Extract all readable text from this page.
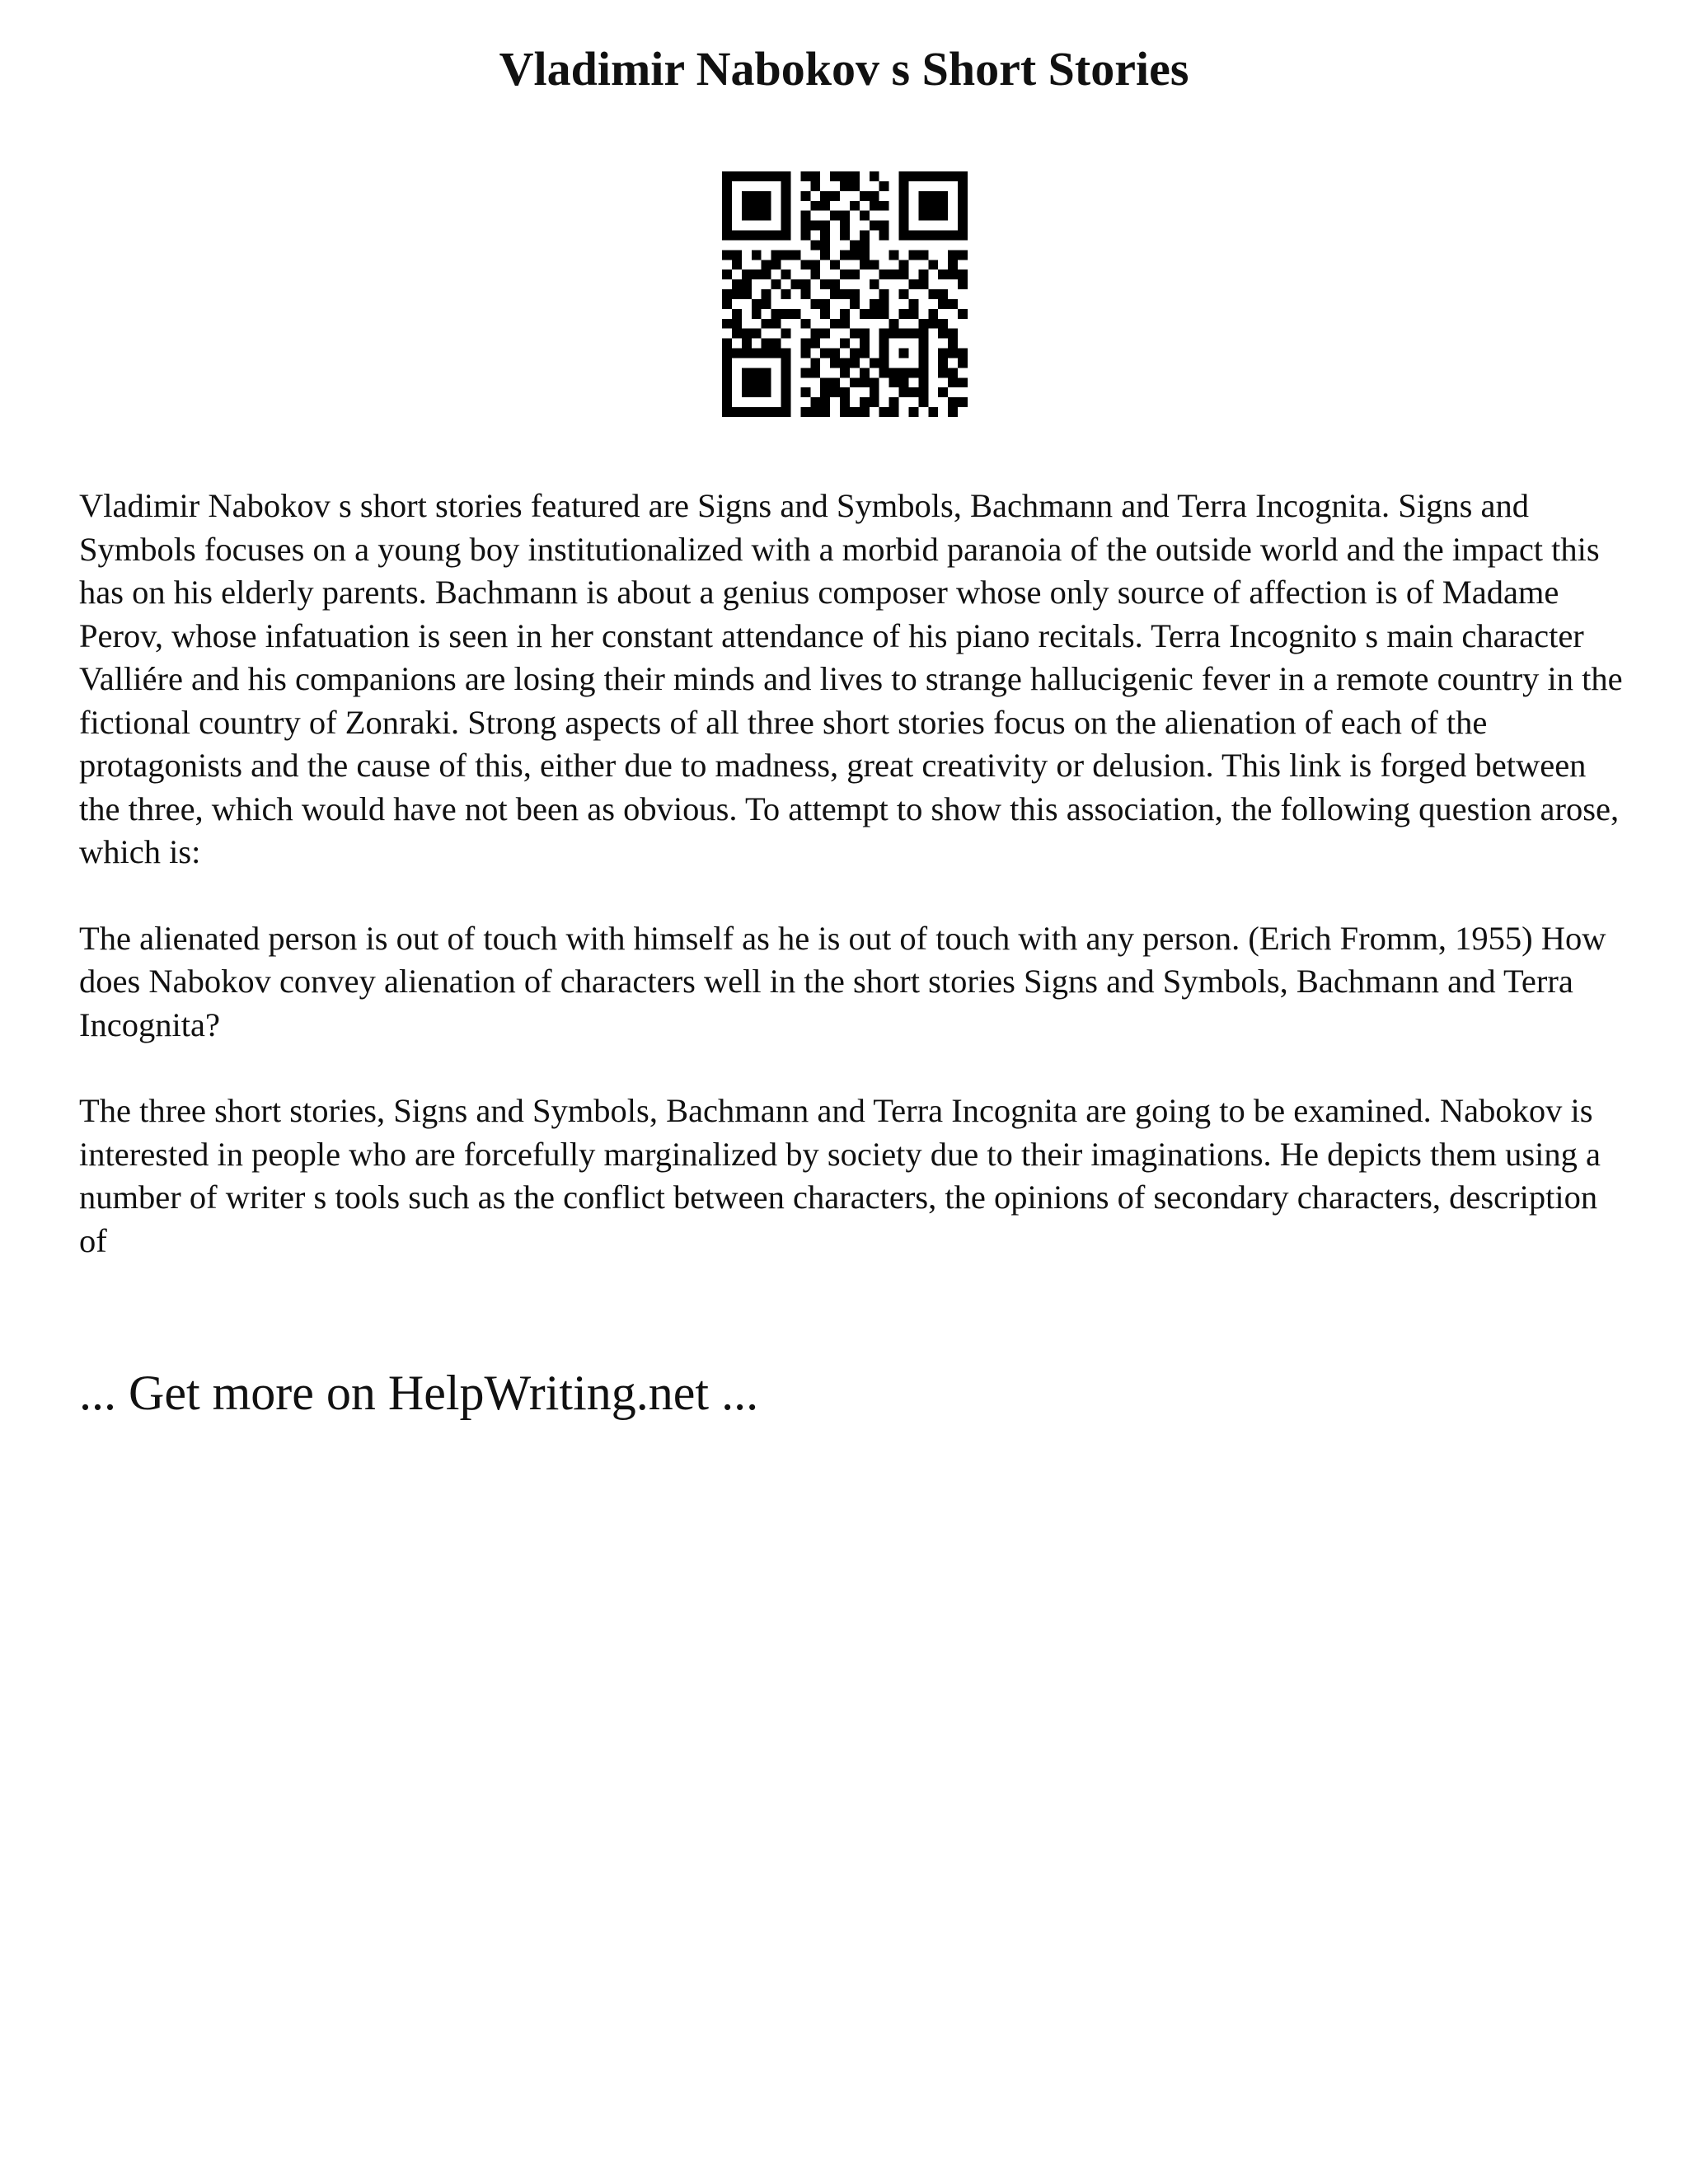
Vladimir Nabokov s Short Stories

Vladimir Nabokov s short stories featured are Signs and Symbols, Bachmann and Terra Incognita. Signs and Symbols focuses on a young boy institutionalized with a morbid paranoia of the outside world and the impact this has on his elderly parents. Bachmann is about a genius composer whose only source of affection is of Madame Perov, whose infatuation is seen in her constant attendance of his piano recitals. Terra Incognito s main character Valliére and his companions are losing their minds and lives to strange hallucigenic fever in a remote country in the fictional country of Zonraki. Strong aspects of all three short stories focus on the alienation of each of the protagonists and the cause of this, either due to madness, great creativity or delusion. This link is forged between the three, which would have not been as obvious. To attempt to show this association, the following question arose, which is:

The alienated person is out of touch with himself as he is out of touch with any person. (Erich Fromm, 1955) How does Nabokov convey alienation of characters well in the short stories Signs and Symbols, Bachmann and Terra Incognita?

The three short stories, Signs and Symbols, Bachmann and Terra Incognita are going to be examined. Nabokov is interested in people who are forcefully marginalized by society due to their imaginations. He depicts them using a number of writer s tools such as the conflict between characters, the opinions of secondary characters, description of

... Get more on HelpWriting.net ...
